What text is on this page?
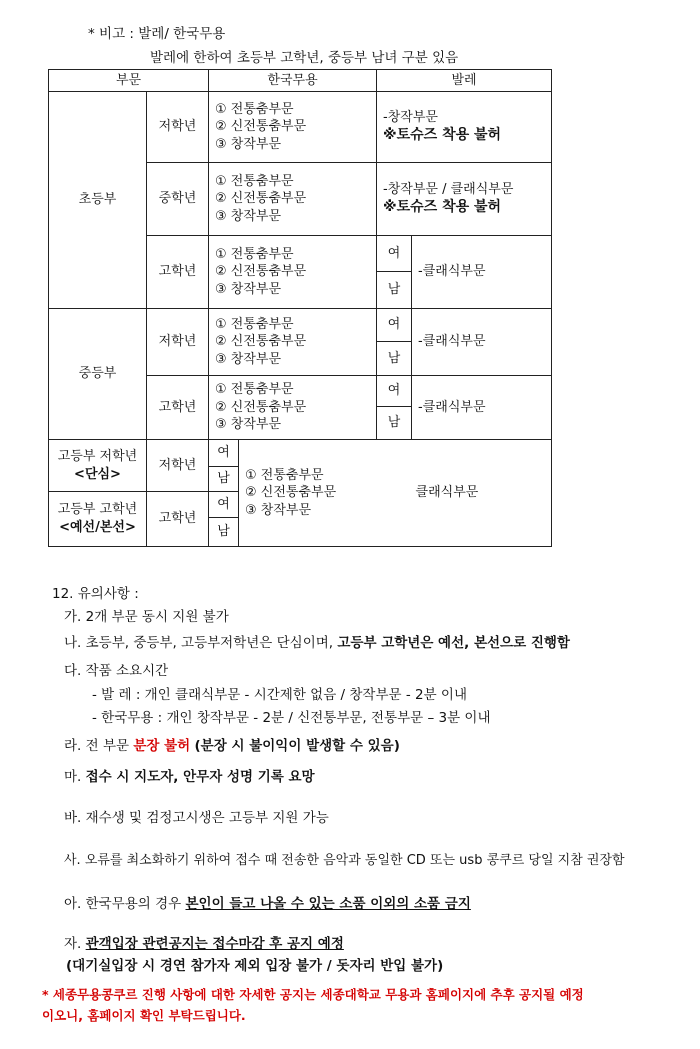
* 비고 : 발레/ 한국무용
발레에 한하여 초등부 고학년, 중등부 남녀 구분 있음
부문		한국무용		발레	
초등부	저학년	① 전통춤부문
② 신전통춤부문
③ 창작부문		-창작부문
※토슈즈 착용 불허	

	중학년	① 전통춤부문
② 신전통춤부문
③ 창작부문		-창작부문 / 클래식부문
※토슈즈 착용 불허	

	고학년	① 전통춤부문
② 신전통춤부문
③ 창작부문		여	-클래식부문
				남	
중등부	저학년	① 전통춤부문
② 신전통춤부문
③ 창작부문		여	-클래식부문
				남	
	고학년	① 전통춤부문
② 신전통춤부문
③ 창작부문		여	-클래식부문
				남	

고등부 저학년
<단심>	저학년	여	① 전통춤부문
② 신전통춤부문
③ 창작부문		클래식부문
		남			

고등부 고학년
<예선/본선>	고학년	여			
		남			
12. 유의사항 :
가. 2개 부문 동시 지원 불가
나. 초등부, 중등부, 고등부저학년은 단심이며, 고등부 고학년은 예선, 본선으로 진행함
다. 작품 소요시간
- 발 레 : 개인 클래식부문 - 시간제한 없음 / 창작부문 - 2분 이내
- 한국무용 : 개인 창작부문 - 2분 / 신전통부문, 전통부문 – 3분 이내
라. 전 부문 분장 불허 (분장 시 불이익이 발생할 수 있음)
마. 접수 시 지도자, 안무자 성명 기록 요망
바. 재수생 및 검정고시생은 고등부 지원 가능
사. 오류를 최소화하기 위하여 접수 때 전송한 음악과 동일한 CD 또는 usb 콩쿠르 당일 지참 권장함
아. 한국무용의 경우 본인이 들고 나올 수 있는 소품 이외의 소품 금지
자. 관객입장 관련공지는 접수마감 후 공지 예정
(대기실입장 시 경연 참가자 제외 입장 불가 / 돗자리 반입 불가)
* 세종무용콩쿠르 진행 사항에 대한 자세한 공지는 세종대학교 무용과 홈페이지에 추후 공지될 예정
이오니, 홈페이지 확인 부탁드립니다.
